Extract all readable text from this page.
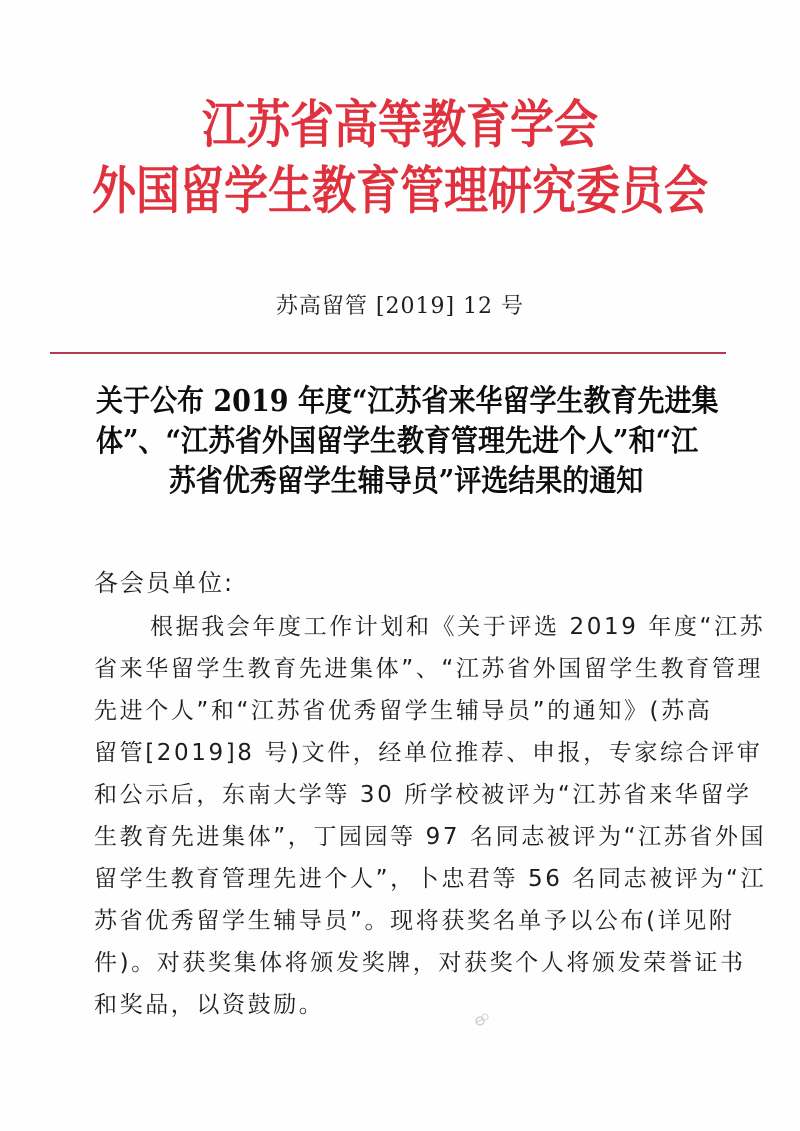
江苏省高等教育学会
外国留学生教育管理研究委员会
苏高留管 [2019] 12 号
关于公布 2019 年度“江苏省来华留学生教育先进集
体”、“江苏省外国留学生教育管理先进个人”和“江
苏省优秀留学生辅导员”评选结果的通知
各会员单位:
根据我会年度工作计划和《关于评选 2019 年度“江苏
省来华留学生教育先进集体”、“江苏省外国留学生教育管理
先进个人”和“江苏省优秀留学生辅导员”的通知》(苏高
留管[2019]8 号)文件，经单位推荐、申报，专家综合评审
和公示后，东南大学等 30 所学校被评为“江苏省来华留学
生教育先进集体”，丁园园等 97 名同志被评为“江苏省外国
留学生教育管理先进个人”，卜忠君等 56 名同志被评为“江
苏省优秀留学生辅导员”。现将获奖名单予以公布(详见附
件)。对获奖集体将颁发奖牌，对获奖个人将颁发荣誉证书
和奖品，以资鼓励。
